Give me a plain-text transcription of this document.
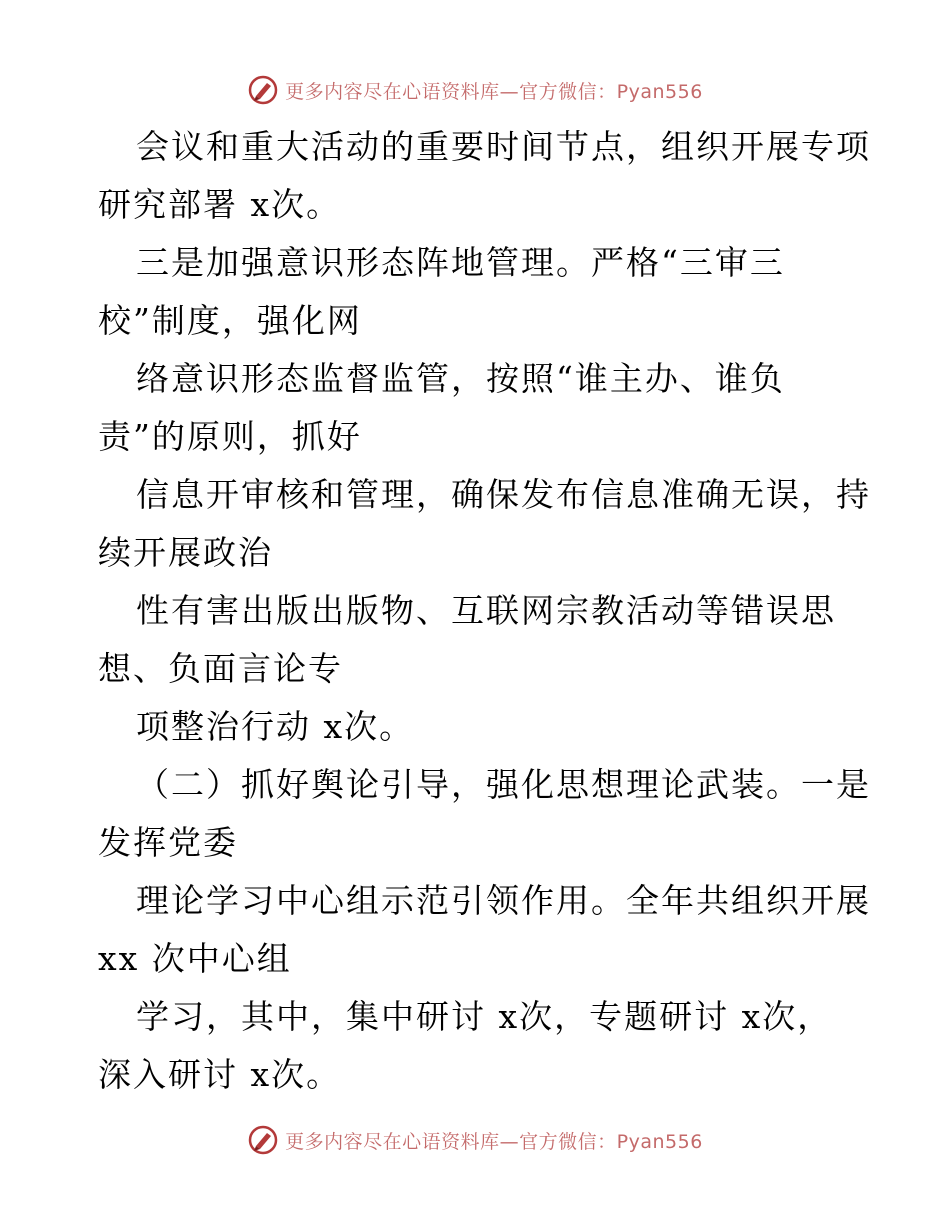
更多内容尽在心语资料库—官方微信：Pyan556
会议和重大活动的重要时间节点，组织开展专项
研究部署 x次。
三是加强意识形态阵地管理。严格“三审三
校”制度，强化网
络意识形态监督监管，按照“谁主办、谁负
责”的原则，抓好
信息开审核和管理，确保发布信息准确无误，持
续开展政治
性有害出版出版物、互联网宗教活动等错误思
想、负面言论专
项整治行动 x次。
（二）抓好舆论引导，强化思想理论武装。一是
发挥党委
理论学习中心组示范引领作用。全年共组织开展
xx 次中心组
学习，其中，集中研讨 x次，专题研讨 x次，
深入研讨 x次。
更多内容尽在心语资料库—官方微信：Pyan556
